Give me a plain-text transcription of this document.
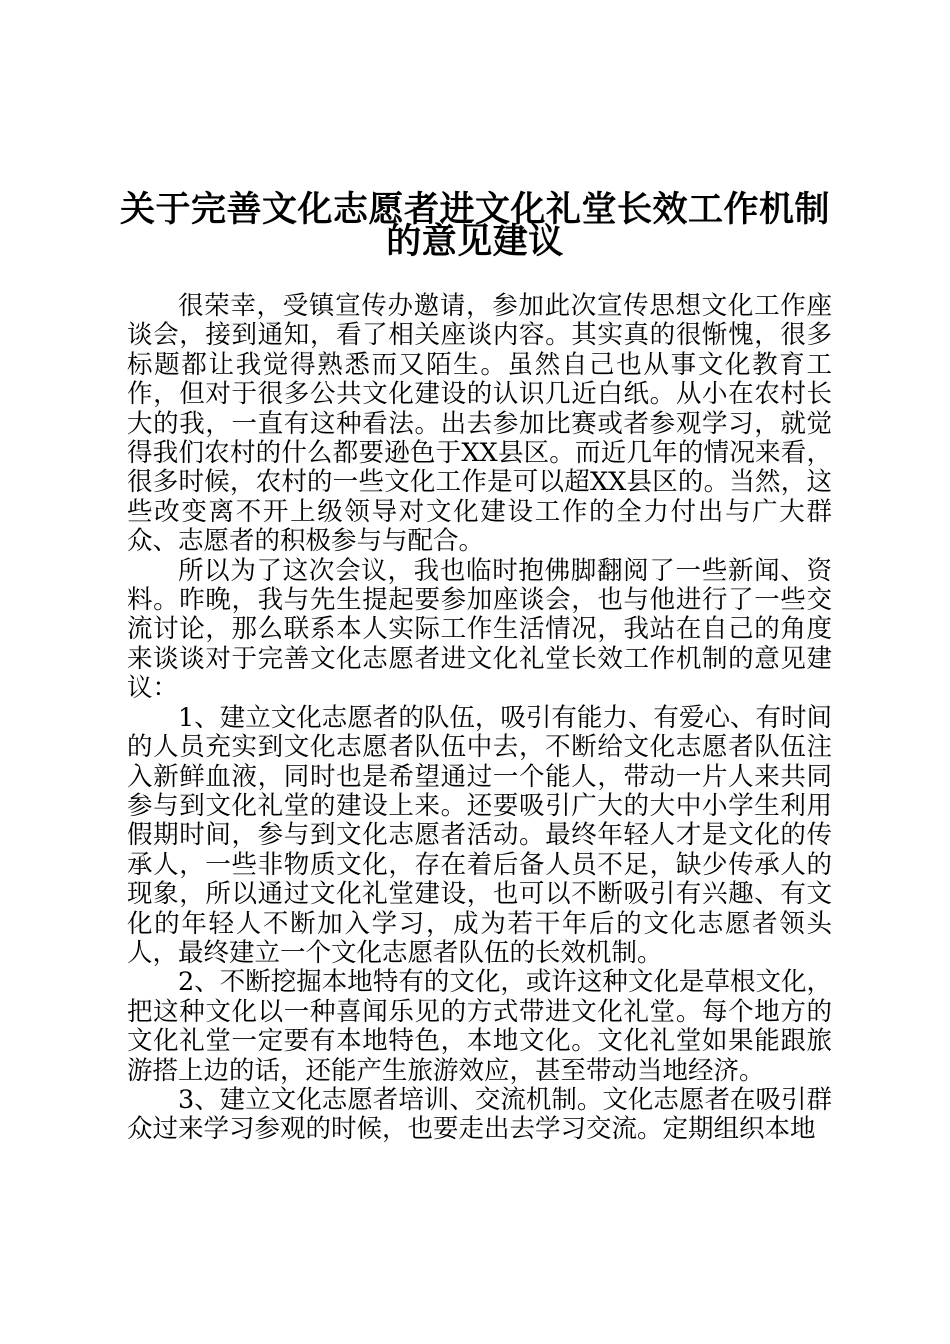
关于完善文化志愿者进文化礼堂长效工作机制
的意见建议

很荣幸，受镇宣传办邀请，参加此次宣传思想文化工作座谈会，接到通知，看了相关座谈内容。其实真的很惭愧，很多标题都让我觉得熟悉而又陌生。虽然自己也从事文化教育工作，但对于很多公共文化建设的认识几近白纸。从小在农村长大的我，一直有这种看法。出去参加比赛或者参观学习，就觉得我们农村的什么都要逊色于XX县区。而近几年的情况来看，很多时候，农村的一些文化工作是可以超XX县区的。当然，这些改变离不开上级领导对文化建设工作的全力付出与广大群众、志愿者的积极参与与配合。

所以为了这次会议，我也临时抱佛脚翻阅了一些新闻、资料。昨晚，我与先生提起要参加座谈会，也与他进行了一些交流讨论，那么联系本人实际工作生活情况，我站在自己的角度来谈谈对于完善文化志愿者进文化礼堂长效工作机制的意见建议：

1、建立文化志愿者的队伍，吸引有能力、有爱心、有时间的人员充实到文化志愿者队伍中去，不断给文化志愿者队伍注入新鲜血液，同时也是希望通过一个能人，带动一片人来共同参与到文化礼堂的建设上来。还要吸引广大的大中小学生利用假期时间，参与到文化志愿者活动。最终年轻人才是文化的传承人，一些非物质文化，存在着后备人员不足，缺少传承人的现象，所以通过文化礼堂建设，也可以不断吸引有兴趣、有文化的年轻人不断加入学习，成为若干年后的文化志愿者领头人，最终建立一个文化志愿者队伍的长效机制。

2、不断挖掘本地特有的文化，或许这种文化是草根文化，把这种文化以一种喜闻乐见的方式带进文化礼堂。每个地方的文化礼堂一定要有本地特色，本地文化。文化礼堂如果能跟旅游搭上边的话，还能产生旅游效应，甚至带动当地经济。

3、建立文化志愿者培训、交流机制。文化志愿者在吸引群众过来学习参观的时候，也要走出去学习交流。定期组织本地
